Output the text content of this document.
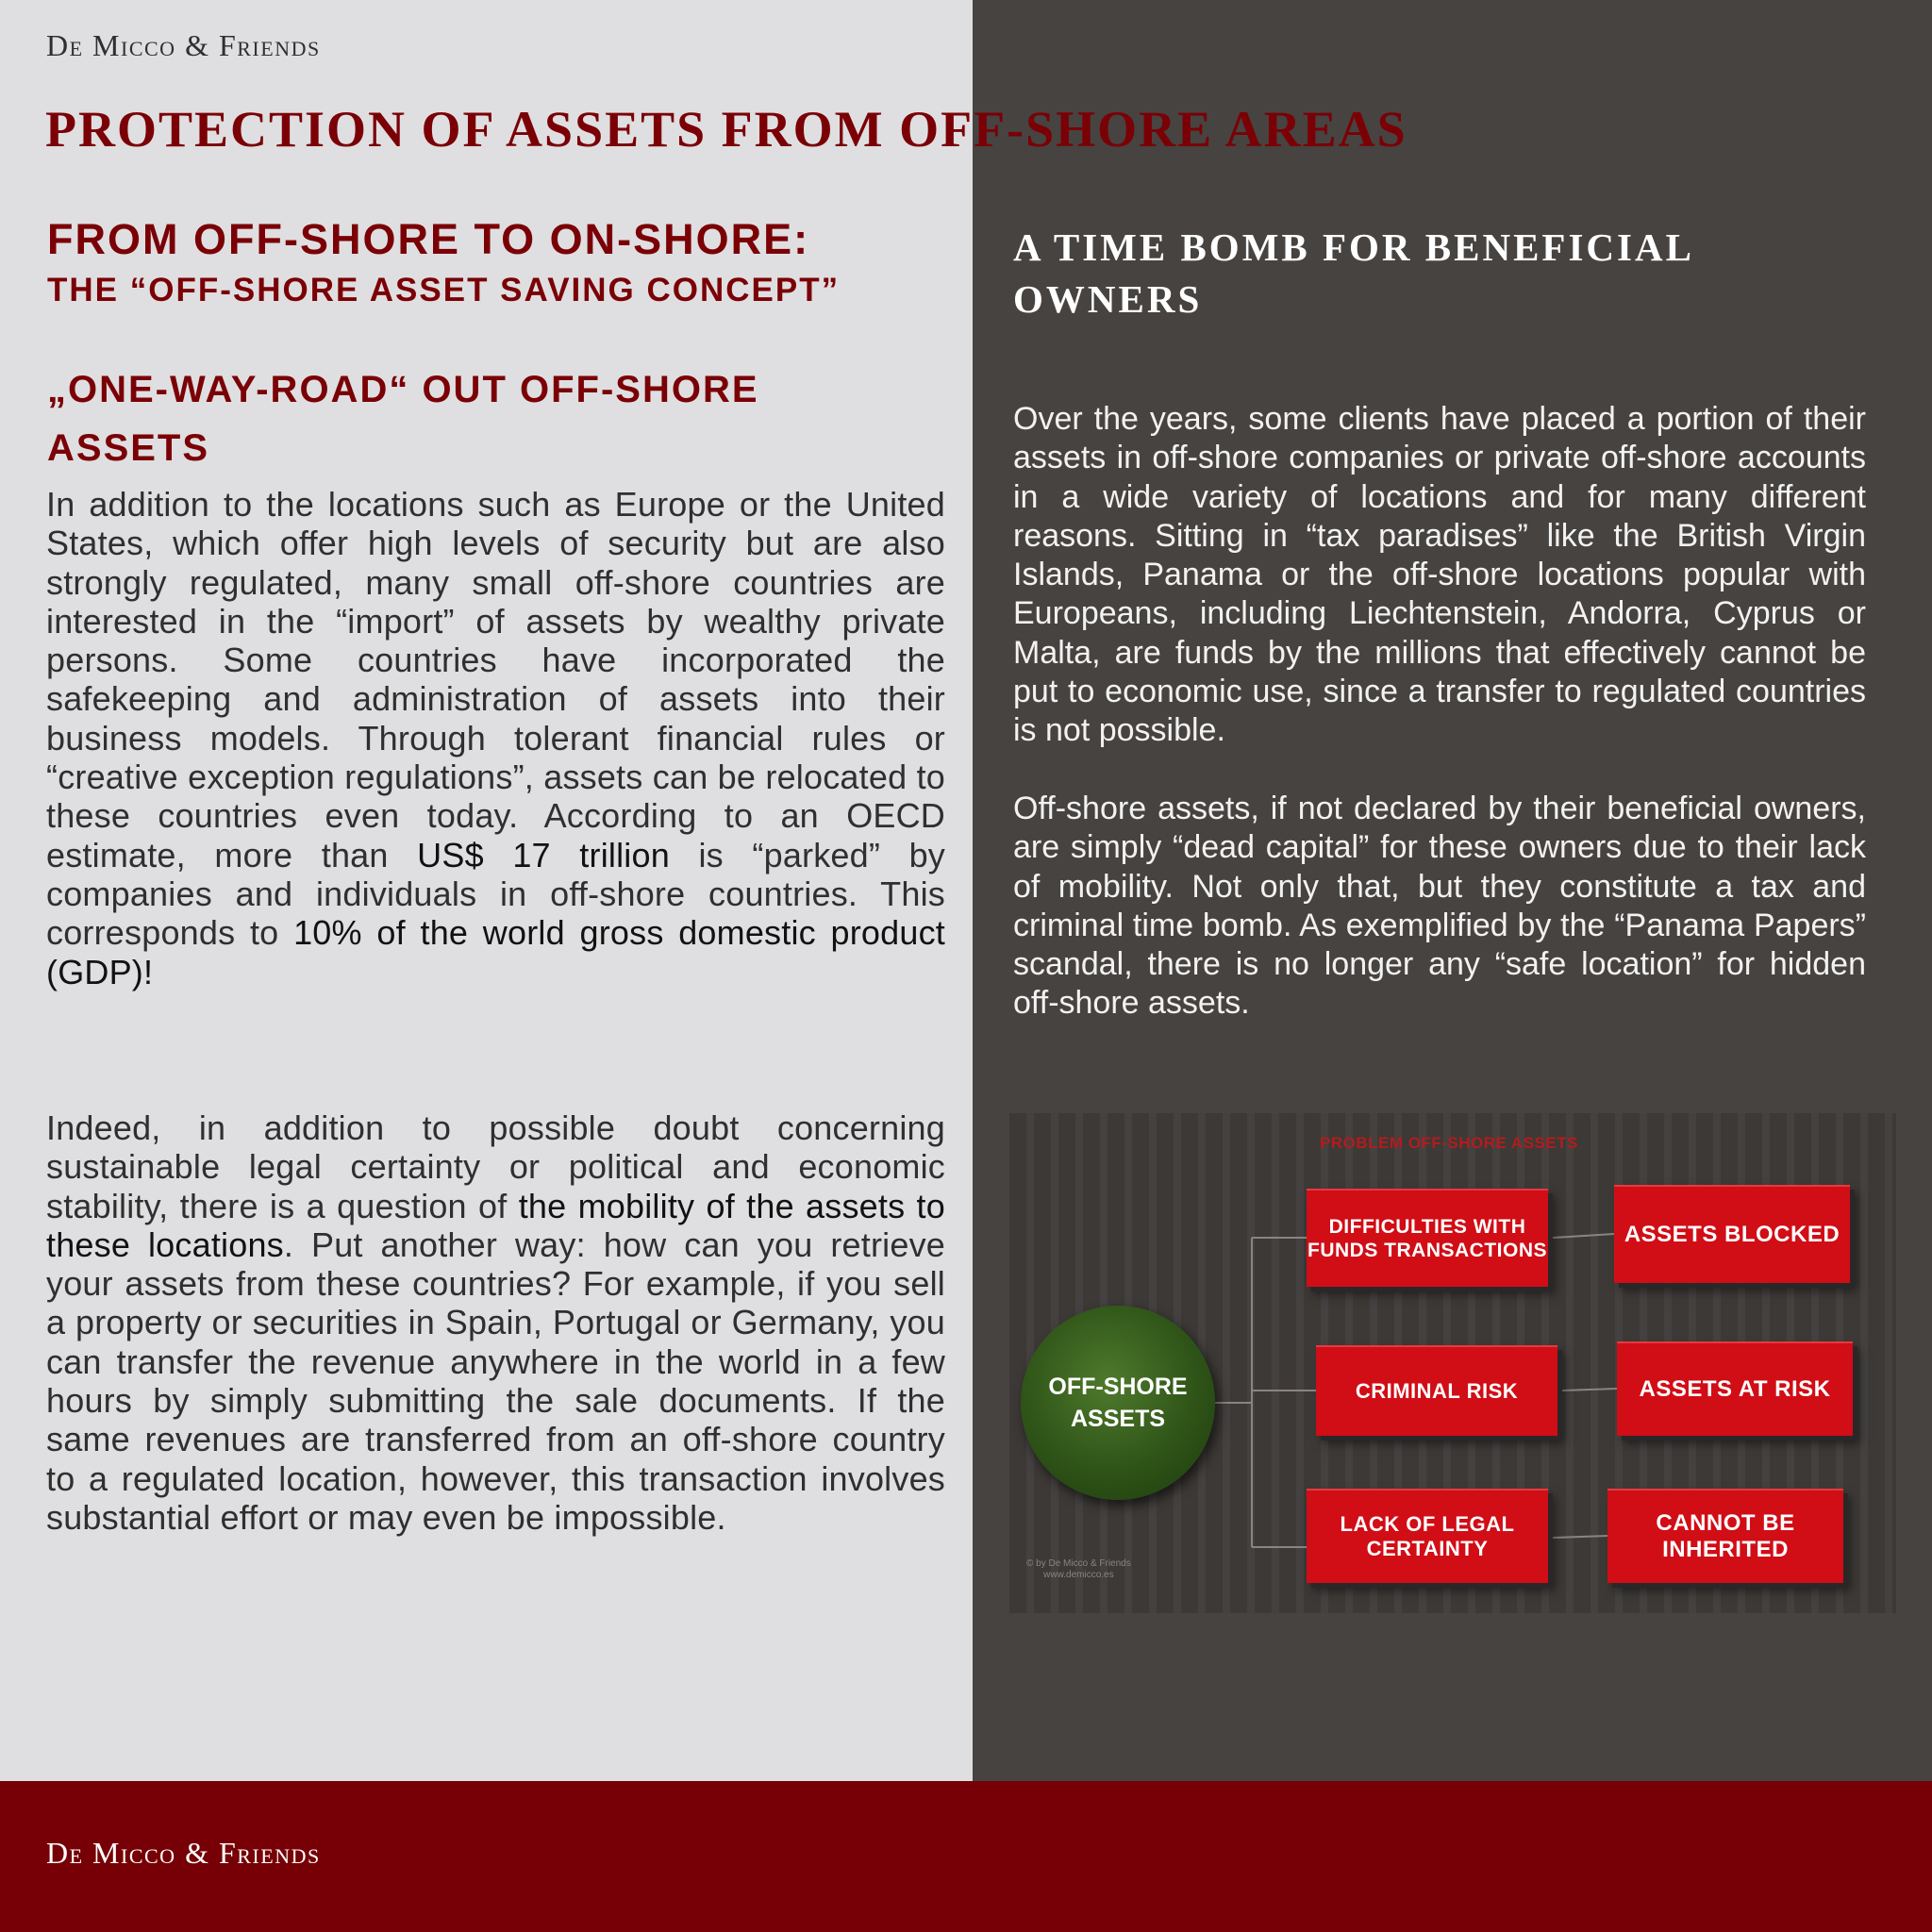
De Micco & Friends
PROTECTION OF ASSETS FROM OFF-SHORE AREAS
FROM OFF-SHORE TO ON-SHORE:
THE “OFF-SHORE ASSET SAVING CONCEPT”
„ONE-WAY-ROAD“ OUT OFF-SHORE ASSETS
In addition to the locations such as Europe or the United States, which offer high levels of security but are also strongly regulated, many small off-shore countries are interested in the “import” of assets by wealthy private persons. Some countries have incorporated the safekeeping and administration of assets into their business models. Through tolerant financial rules or “creative exception regulations”, assets can be relocated to these countries even today. According to an OECD estimate, more than US$ 17 trillion is “parked” by companies and individuals in off-shore countries. This corresponds to 10% of the world gross domestic product (GDP)!
Indeed, in addition to possible doubt concerning sustainable legal certainty or political and economic stability, there is a question of the mobility of the assets to these locations. Put another way: how can you retrieve your assets from these countries? For example, if you sell a property or securities in Spain, Portugal or Germany, you can transfer the revenue anywhere in the world in a few hours by simply submitting the sale documents. If the same revenues are transferred from an off-shore country to a regulated location, however, this transaction involves substantial effort or may even be impossible.
A TIME BOMB FOR BENEFICIAL OWNERS
Over the years, some clients have placed a portion of their assets in off-shore companies or private off-shore accounts in a wide variety of locations and for many different reasons. Sitting in “tax paradises” like the British Virgin Islands, Panama or the off-shore locations popular with Europeans, including Liechtenstein, Andorra, Cyprus or Malta, are funds by the millions that effectively cannot be put to economic use, since a transfer to regulated countries is not possible.
Off-shore assets, if not declared by their beneficial owners, are simply “dead capital” for these owners due to their lack of mobility. Not only that, but they constitute a tax and criminal time bomb. As exemplified by the “Panama Papers” scandal, there is no longer any “safe location” for hidden off-shore assets.
PROBLEM OFF-SHORE ASSETS
OFF-SHORE
ASSETS
DIFFICULTIES WITH FUNDS TRANSACTIONS
ASSETS BLOCKED
CRIMINAL RISK	ASSETS AT RISK
LACK OF LEGAL CERTAINTY
CANNOT BE INHERITED
© by De Micco & Friends
www.demicco.es
De Micco & Friends
